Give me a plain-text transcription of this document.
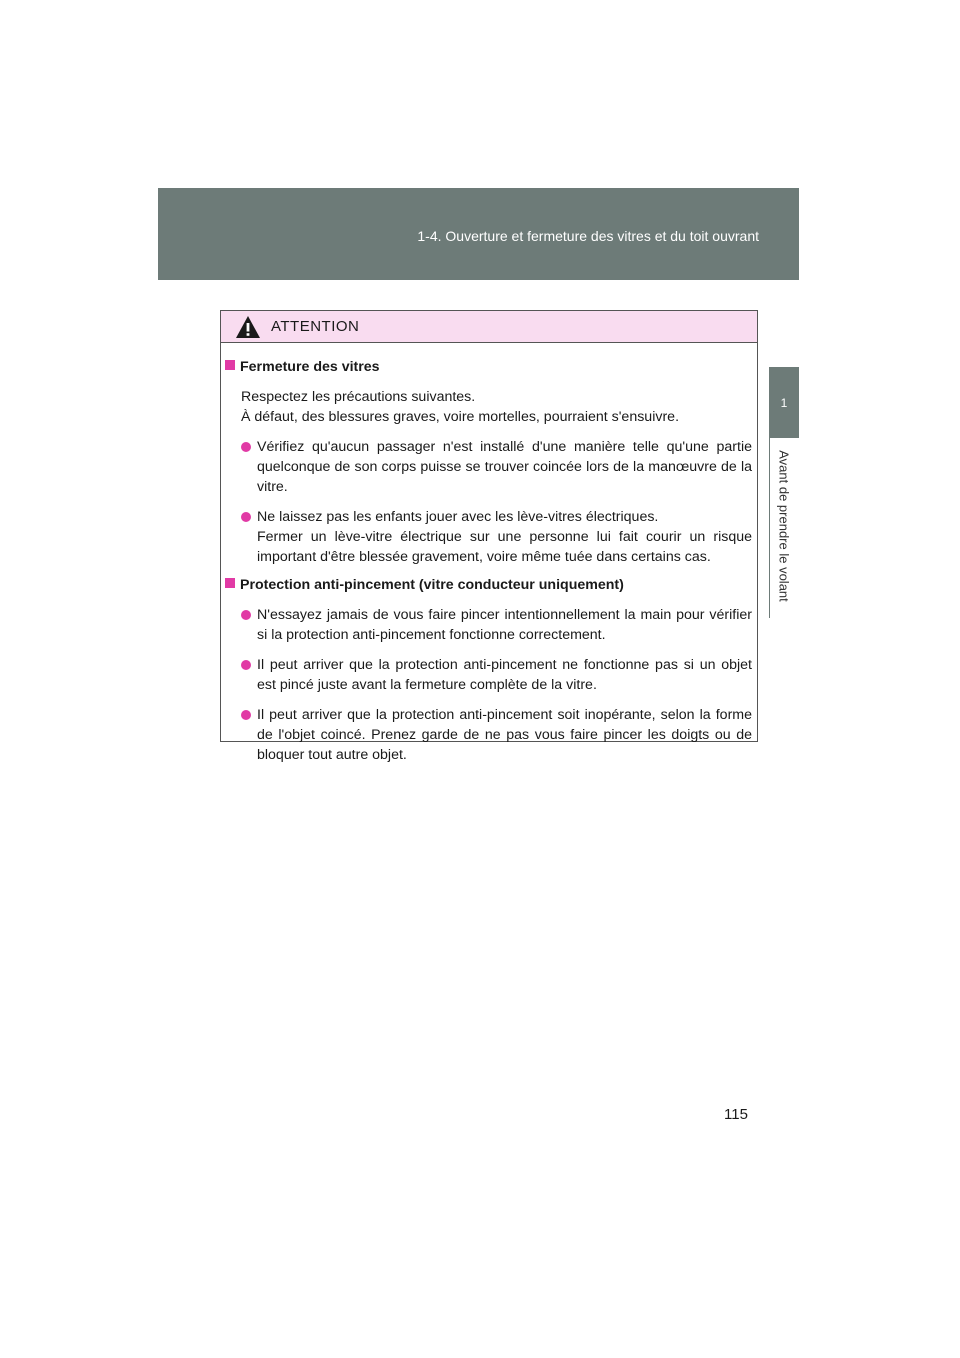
1-4. Ouverture et fermeture des vitres et du toit ouvrant
1
Avant de prendre le volant
ATTENTION
Fermeture des vitres
Respectez les précautions suivantes.
À défaut, des blessures graves, voire mortelles, pourraient s'ensuivre.
Vérifiez qu'aucun passager n'est installé d'une manière telle qu'une partie quelconque de son corps puisse se trouver coincée lors de la manœuvre de la vitre.
Ne laissez pas les enfants jouer avec les lève-vitres électriques.
Fermer un lève-vitre électrique sur une personne lui fait courir un risque important d'être blessée gravement, voire même tuée dans certains cas.
Protection anti-pincement (vitre conducteur uniquement)
N'essayez jamais de vous faire pincer intentionnellement la main pour vérifier si la protection anti-pincement fonctionne correctement.
Il peut arriver que la protection anti-pincement ne fonctionne pas si un objet est pincé juste avant la fermeture complète de la vitre.
Il peut arriver que la protection anti-pincement soit inopérante, selon la forme de l'objet coincé. Prenez garde de ne pas vous faire pincer les doigts ou de bloquer tout autre objet.
115
